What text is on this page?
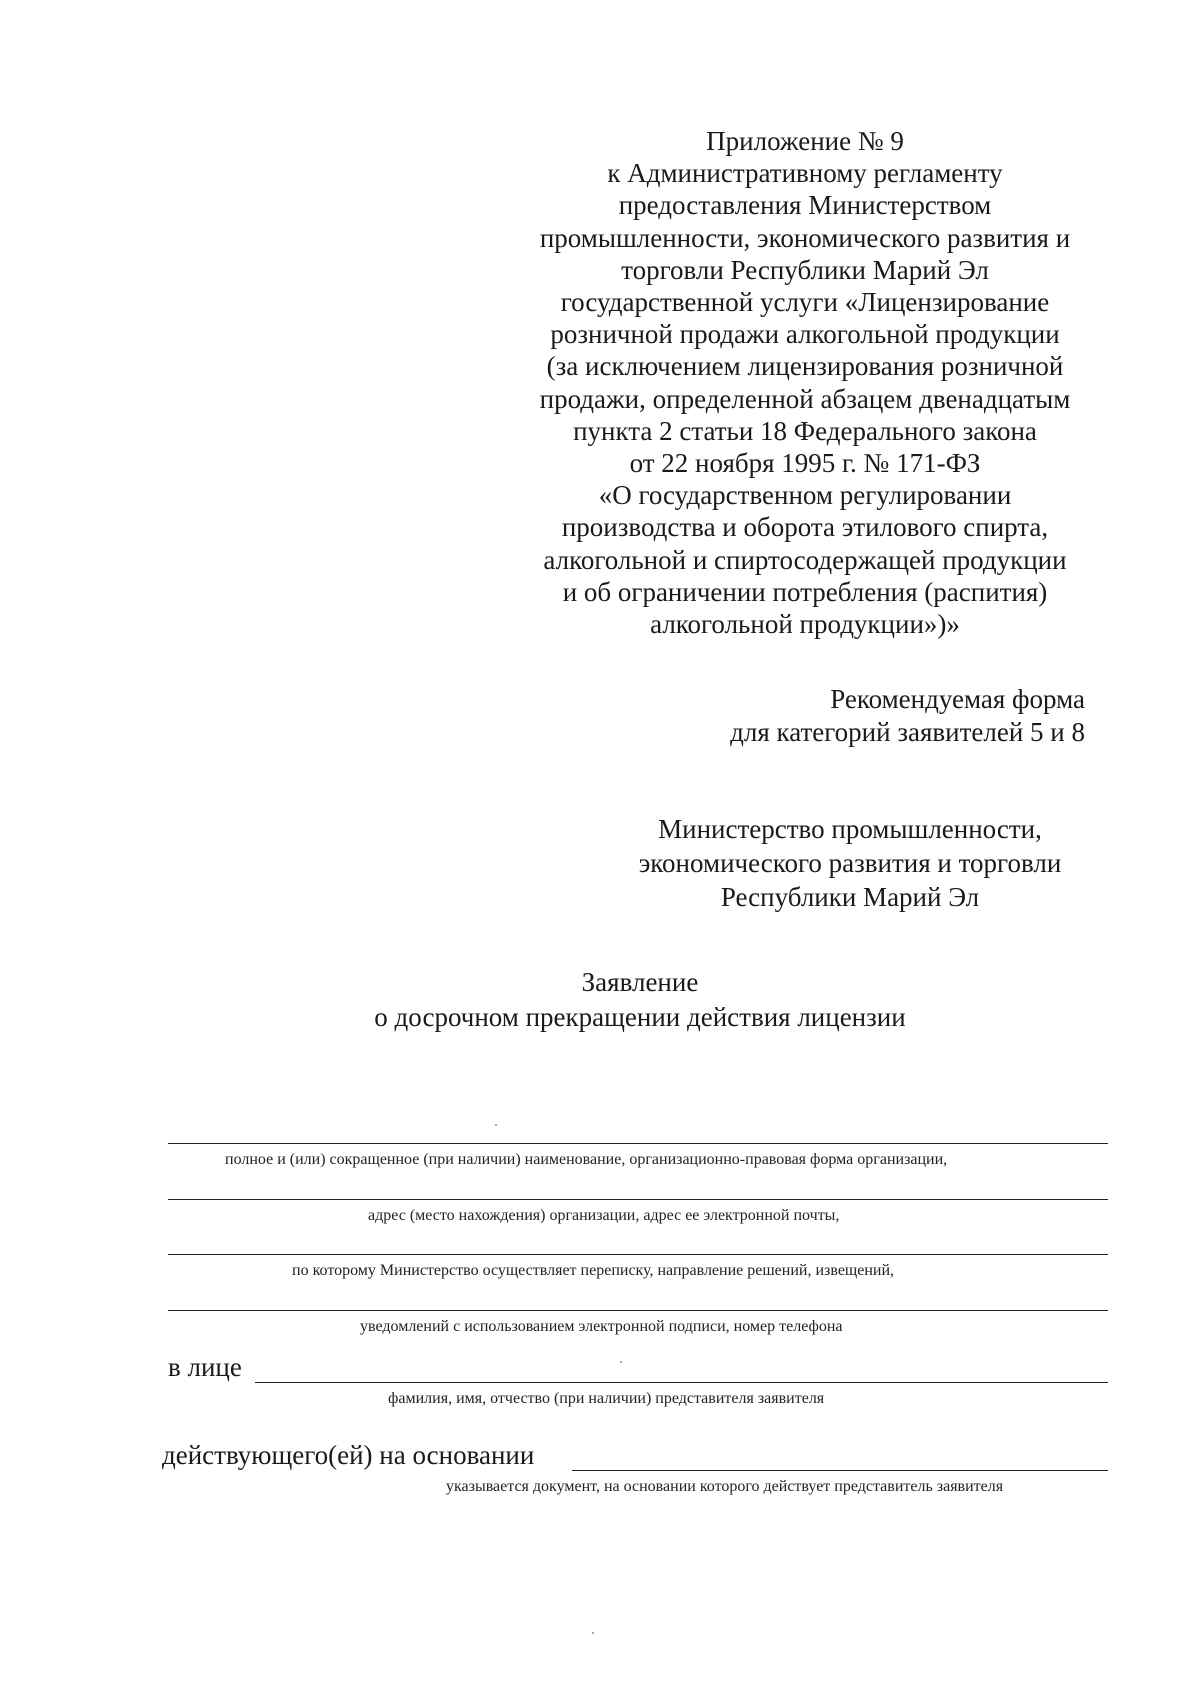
Приложение № 9
к Административному регламенту
предоставления Министерством
промышленности, экономического развития и
торговли Республики Марий Эл
государственной услуги «Лицензирование
розничной продажи алкогольной продукции
(за исключением лицензирования розничной
продажи, определенной абзацем двенадцатым
пункта 2 статьи 18 Федерального закона
от 22 ноября 1995 г. № 171-ФЗ
«О государственном регулировании
производства и оборота этилового спирта,
алкогольной и спиртосодержащей продукции
и об ограничении потребления (распития)
алкогольной продукции»)»
Рекомендуемая форма
для категорий заявителей 5 и 8
Министерство промышленности,
экономического развития и торговли
Республики Марий Эл
Заявление
о досрочном прекращении действия лицензии
полное и (или) сокращенное (при наличии) наименование, организационно-правовая форма организации,
адрес (место нахождения) организации, адрес ее электронной почты,
по которому Министерство осуществляет переписку, направление решений, извещений,
уведомлений с использованием электронной подписи, номер телефона
в лице
фамилия, имя, отчество (при наличии) представителя заявителя
действующего(ей) на основании
указывается документ, на основании которого действует представитель заявителя
